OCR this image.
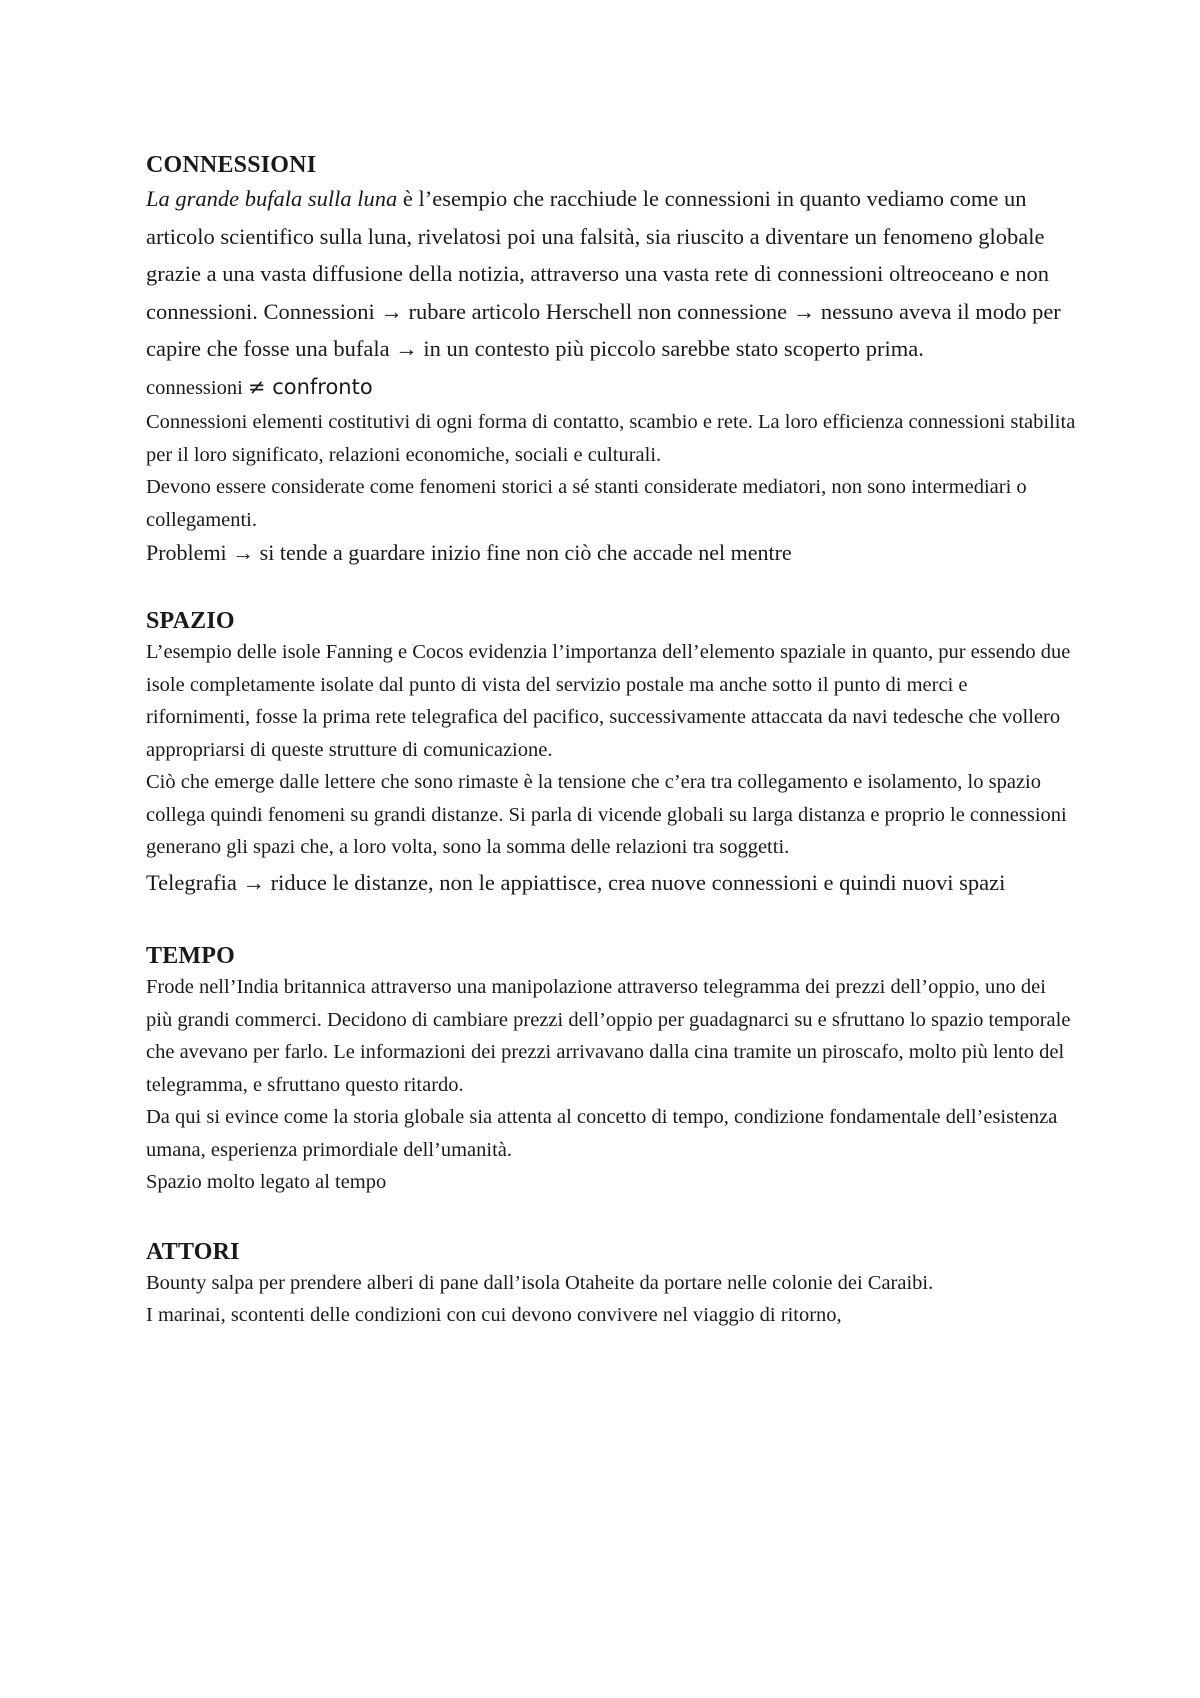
CONNESSIONI

La grande bufala sulla luna è l’esempio che racchiude le connessioni in quanto vediamo come un articolo scientifico sulla luna, rivelatosi poi una falsità, sia riuscito a diventare un fenomeno globale grazie a una vasta diffusione della notizia, attraverso una vasta rete di connessioni oltreoceano e non connessioni. Connessioni → rubare articolo Herschell non connessione → nessuno aveva il modo per capire che fosse una bufala → in un contesto più piccolo sarebbe stato scoperto prima.

connessioni ≠ confronto

Connessioni elementi costitutivi di ogni forma di contatto, scambio e rete. La loro efficienza connessioni stabilita per il loro significato, relazioni economiche, sociali e culturali.

Devono essere considerate come fenomeni storici a sé stanti considerate mediatori, non sono intermediari o collegamenti.

Problemi → si tende a guardare inizio fine non ciò che accade nel mentre

SPAZIO

L’esempio delle isole Fanning e Cocos evidenzia l’importanza dell’elemento spaziale in quanto, pur essendo due isole completamente isolate dal punto di vista del servizio postale ma anche sotto il punto di merci e rifornimenti, fosse la prima rete telegrafica del pacifico, successivamente attaccata da navi tedesche che vollero appropriarsi di queste strutture di comunicazione.

Ciò che emerge dalle lettere che sono rimaste è la tensione che c’era tra collegamento e isolamento, lo spazio collega quindi fenomeni su grandi distanze. Si parla di vicende globali su larga distanza e proprio le connessioni generano gli spazi che, a loro volta, sono la somma delle relazioni tra soggetti.

Telegrafia → riduce le distanze, non le appiattisce, crea nuove connessioni e quindi nuovi spazi

TEMPO

Frode nell’India britannica attraverso una manipolazione attraverso telegramma dei prezzi dell’oppio, uno dei più grandi commerci. Decidono di cambiare prezzi dell’oppio per guadagnarci su e sfruttano lo spazio temporale che avevano per farlo. Le informazioni dei prezzi arrivavano dalla cina tramite un piroscafo, molto più lento del telegramma, e sfruttano questo ritardo.

Da qui si evince come la storia globale sia attenta al concetto di tempo, condizione fondamentale dell’esistenza umana, esperienza primordiale dell’umanità.

Spazio molto legato al tempo

ATTORI

Bounty salpa per prendere alberi di pane dall’isola Otaheite da portare nelle colonie dei Caraibi.

I marinai, scontenti delle condizioni con cui devono convivere nel viaggio di ritorno,
